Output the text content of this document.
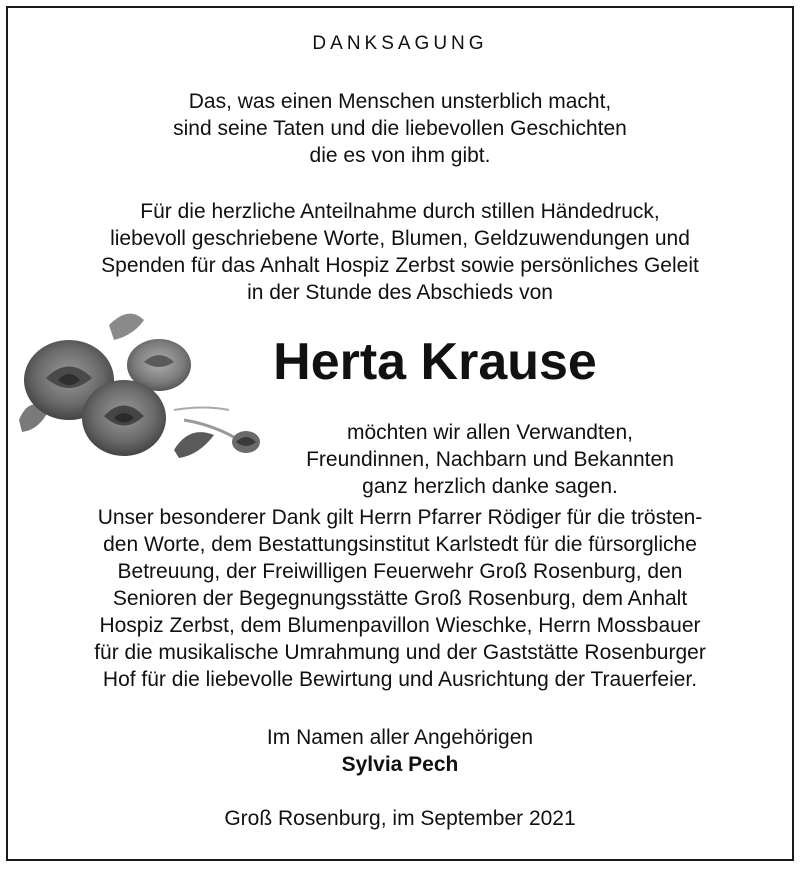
DANKSAGUNG
Das, was einen Menschen unsterblich macht,
sind seine Taten und die liebevollen Geschichten
die es von ihm gibt.
Für die herzliche Anteilnahme durch stillen Händedruck,
liebevoll geschriebene Worte, Blumen, Geldzuwendungen und
Spenden für das Anhalt Hospiz Zerbst sowie persönliches Geleit
in der Stunde des Abschieds von
Herta Krause
möchten wir allen Verwandten,
Freundinnen, Nachbarn und Bekannten
ganz herzlich danke sagen.
Unser besonderer Dank gilt Herrn Pfarrer Rödiger für die trösten-
den Worte, dem Bestattungsinstitut Karlstedt für die fürsorgliche
Betreuung, der Freiwilligen Feuerwehr Groß Rosenburg, den
Senioren der Begegnungsstätte Groß Rosenburg, dem Anhalt
Hospiz Zerbst, dem Blumenpavillon Wieschke, Herrn Mossbauer
für die musikalische Umrahmung und der Gaststätte Rosenburger
Hof für die liebevolle Bewirtung und Ausrichtung der Trauerfeier.
Im Namen aller Angehörigen
Sylvia Pech
Groß Rosenburg, im September 2021
